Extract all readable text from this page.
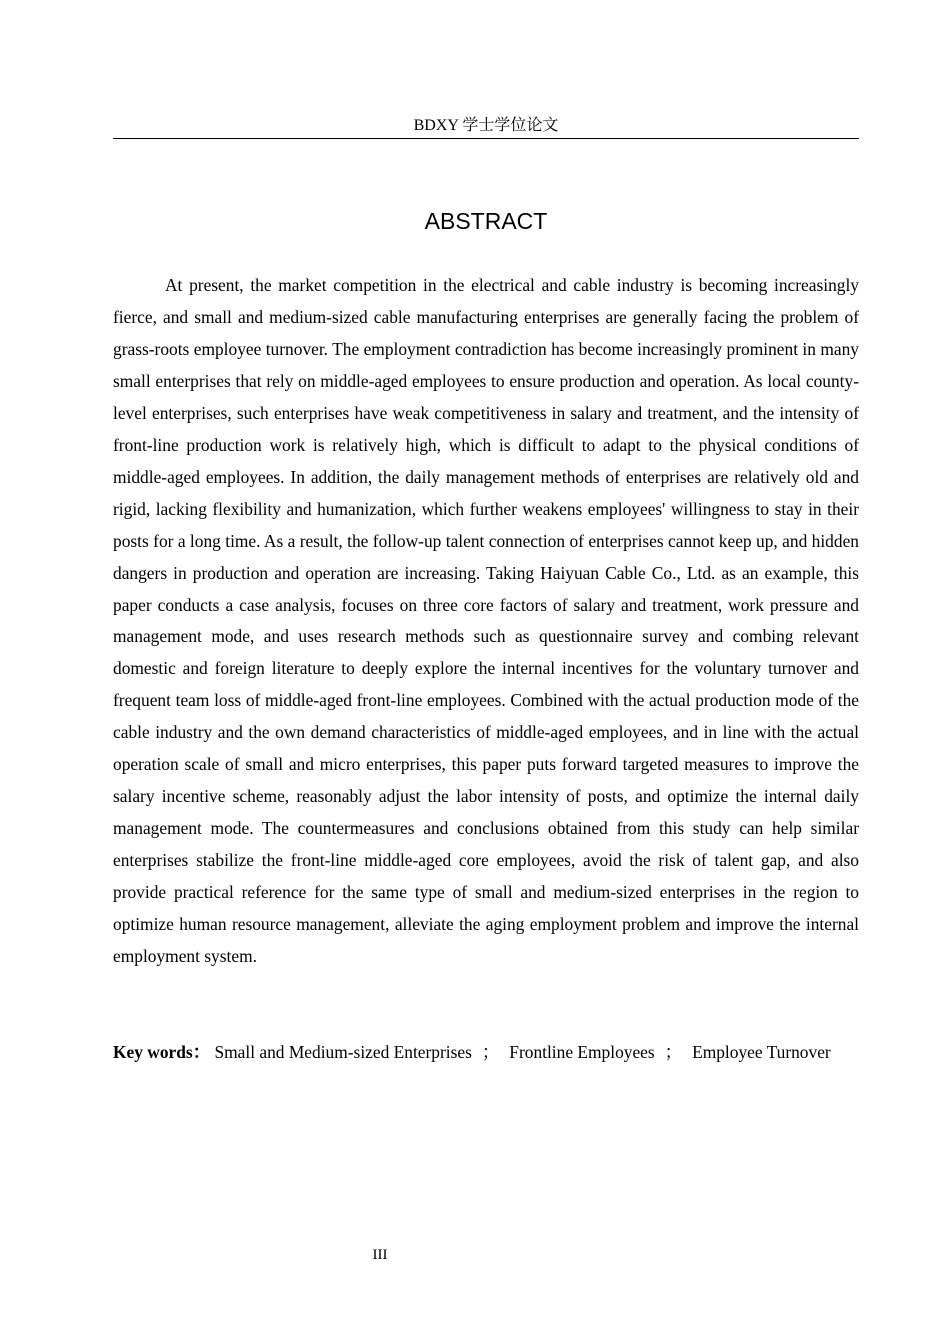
BDXY 学士学位论文
ABSTRACT

At present, the market competition in the electrical and cable industry is becoming increasingly fierce, and small and medium-sized cable manufacturing enterprises are generally facing the problem of grass-roots employee turnover. The employment contradiction has become increasingly prominent in many small enterprises that rely on middle-aged employees to ensure production and operation. As local county-level enterprises, such enterprises have weak competitiveness in salary and treatment, and the intensity of front-line production work is relatively high, which is difficult to adapt to the physical conditions of middle-aged employees. In addition, the daily management methods of enterprises are relatively old and rigid, lacking flexibility and humanization, which further weakens employees' willingness to stay in their posts for a long time. As a result, the follow-up talent connection of enterprises cannot keep up, and hidden dangers in production and operation are increasing. Taking Haiyuan Cable Co., Ltd. as an example, this paper conducts a case analysis, focuses on three core factors of salary and treatment, work pressure and management mode, and uses research methods such as questionnaire survey and combing relevant domestic and foreign literature to deeply explore the internal incentives for the voluntary turnover and frequent team loss of middle-aged front-line employees. Combined with the actual production mode of the cable industry and the own demand characteristics of middle-aged employees, and in line with the actual operation scale of small and micro enterprises, this paper puts forward targeted measures to improve the salary incentive scheme, reasonably adjust the labor intensity of posts, and optimize the internal daily management mode. The countermeasures and conclusions obtained from this study can help similar enterprises stabilize the front-line middle-aged core employees, avoid the risk of talent gap, and also provide practical reference for the same type of small and medium-sized enterprises in the region to optimize human resource management, alleviate the aging employment problem and improve the internal employment system.

Key words： Small and Medium-sized Enterprises ； Frontline Employees ； Employee Turnover

III
